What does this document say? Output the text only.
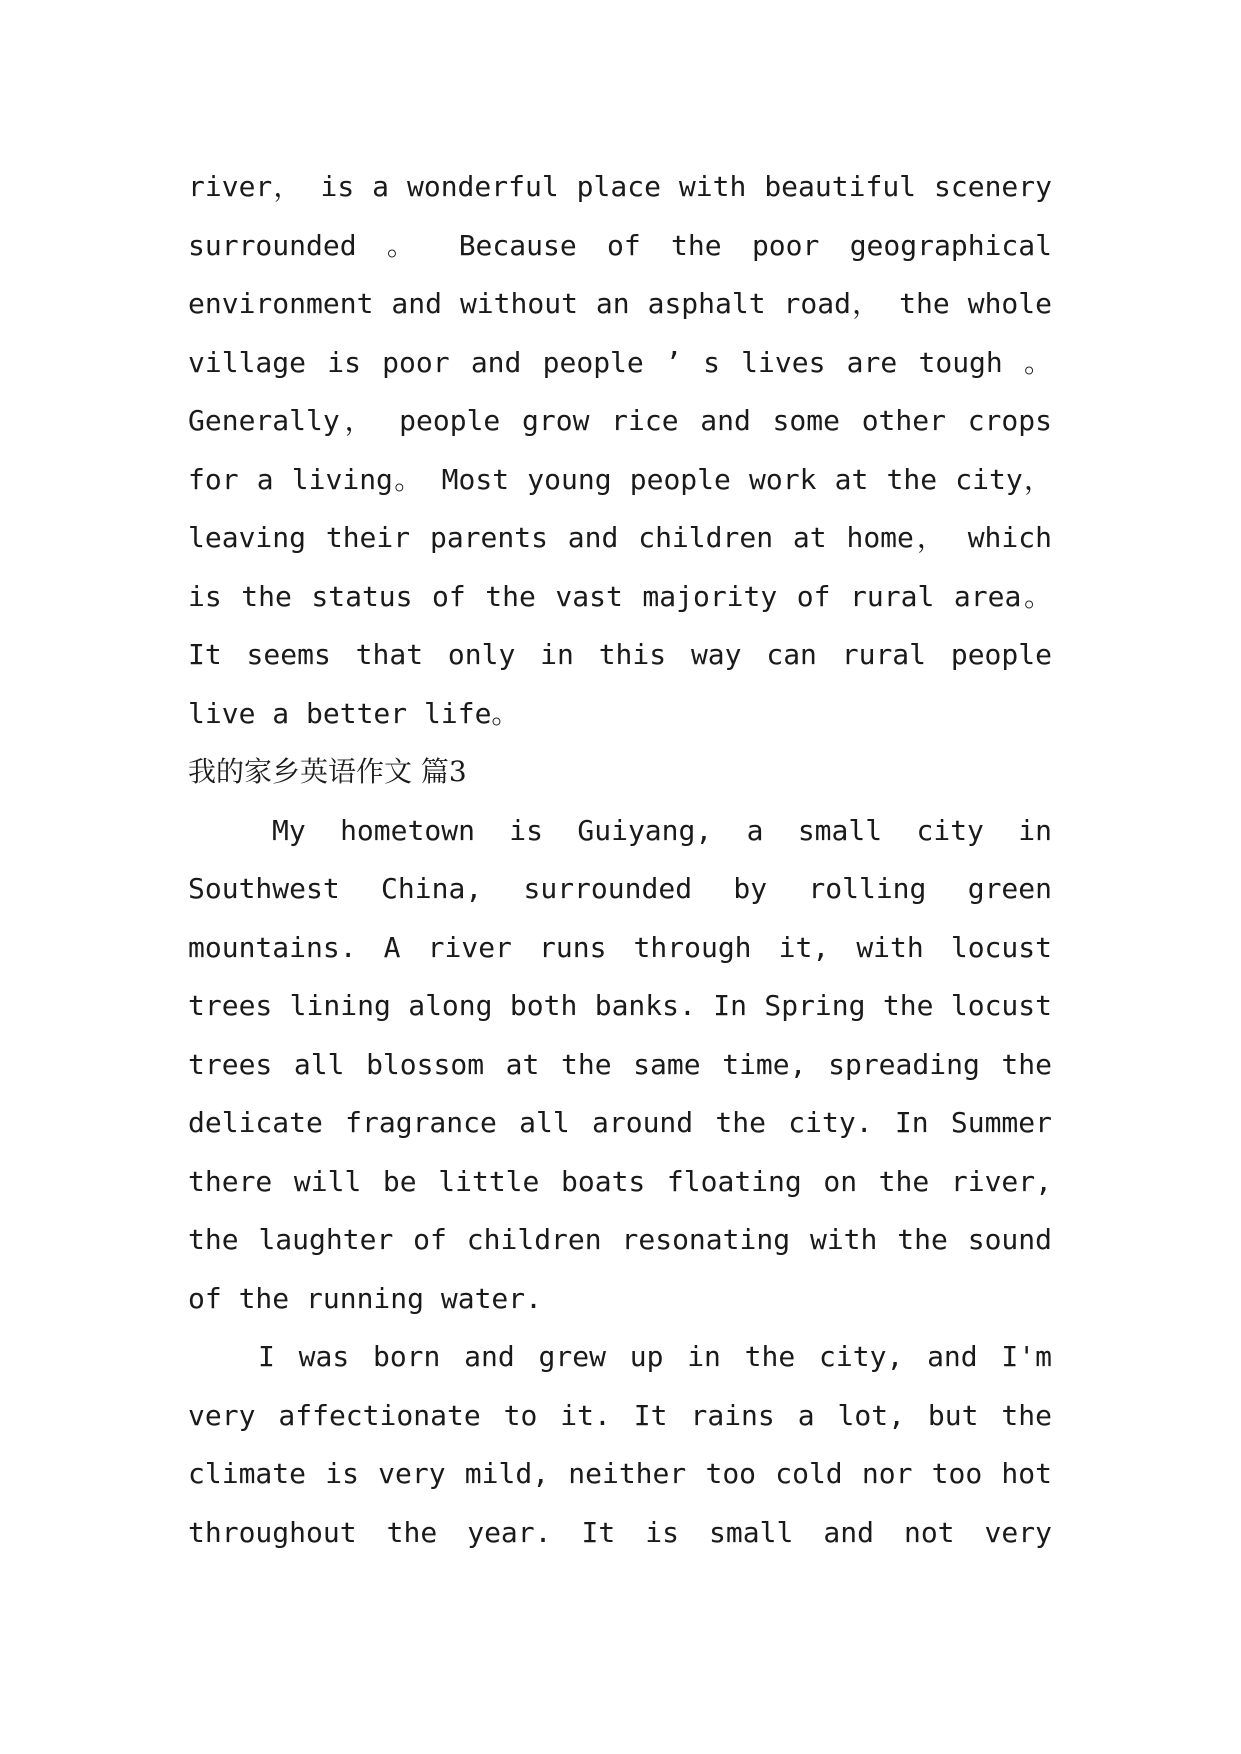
river， is a wonderful place with beautiful scenery
surrounded 。 Because of the poor geographical
environment and without an asphalt road， the whole
village is poor and people ’ s lives are tough 。
Generally， people grow rice and some other crops
for a living。 Most young people work at the city，
leaving their parents and children at home， which
is the status of the vast majority of rural area。
It seems that only in this way can rural people
live a better life。
我的家乡英语作文 篇3
My hometown is Guiyang, a small city in
Southwest China, surrounded by rolling green
mountains. A river runs through it, with locust
trees lining along both banks. In Spring the locust
trees all blossom at the same time, spreading the
delicate fragrance all around the city. In Summer
there will be little boats floating on the river,
the laughter of children resonating with the sound
of the running water.
I was born and grew up in the city, and I'm
very affectionate to it. It rains a lot, but the
climate is very mild, neither too cold nor too hot
throughout the year. It is small and not very
